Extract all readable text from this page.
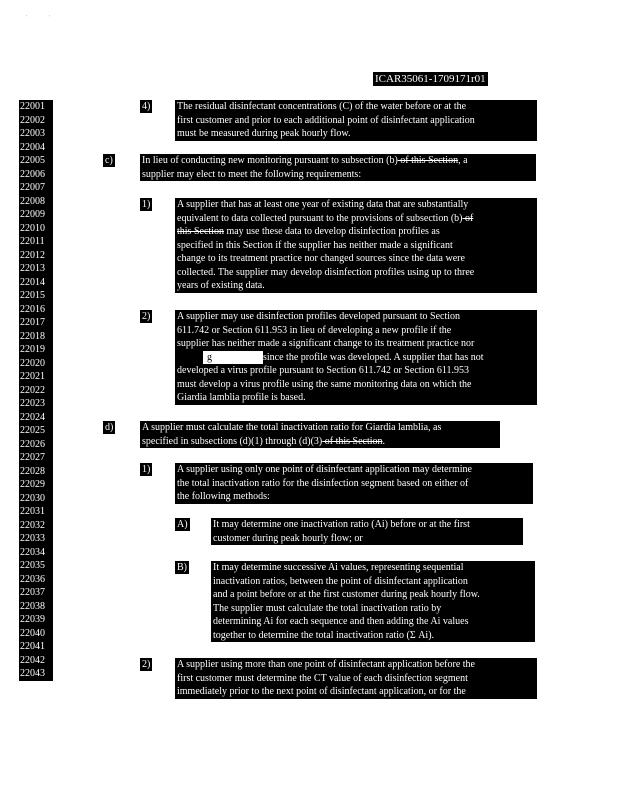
' '
ICAR35061-1709171r01
22001
22002
22003
22004
22005
22006
22007
22008
22009
22010
22011
22012
22013
22014
22015
22016
22017
22018
22019
22020
22021
22022
22023
22024
22025
22026
22027
22028
22029
22030
22031
22032
22033
22034
22035
22036
22037
22038
22039
22040
22041
22042
22043
4)	The residual disinfectant concentrations (C) of the water before or at the

first customer and prior to each additional point of disinfectant application

must be measured during peak hourly flow.

c)	In lieu of conducting new monitoring pursuant to subsection (b) of this Section, a

supplier may elect to meet the following requirements:

1)	A supplier that has at least one year of existing data that are substantially

equivalent to data collected pursuant to the provisions of subsection (b) of

this Section may use these data to develop disinfection profiles as

specified in this Section if the supplier has neither made a significant

change to its treatment practice nor changed sources since the data were

collected. The supplier may develop disinfection profiles using up to three

years of existing data.

2)	A supplier may use disinfection profiles developed pursuant to Section

611.742 or Section 611.953 in lieu of developing a new profile if the

supplier has neither made a significant change to its treatment practice nor

g	since the profile was developed. A supplier that has not

developed a virus profile pursuant to Section 611.742 or Section 611.953

must develop a virus profile using the same monitoring data on which the

Giardia lamblia profile is based.

d)	A supplier must calculate the total inactivation ratio for Giardia lamblia, as

specified in subsections (d)(1) through (d)(3) of this Section.

1)	A supplier using only one point of disinfectant application may determine

the total inactivation ratio for the disinfection segment based on either of

the following methods:

A)	It may determine one inactivation ratio (Ai) before or at the first

customer during peak hourly flow; or

B)	It may determine successive Ai values, representing sequential

inactivation ratios, between the point of disinfectant application

and a point before or at the first customer during peak hourly flow.

The supplier must calculate the total inactivation ratio by

determining Ai for each sequence and then adding the Ai values

together to determine the total inactivation ratio (Σ Ai).

2)	A supplier using more than one point of disinfectant application before the

first customer must determine the CT value of each disinfection segment

immediately prior to the next point of disinfectant application, or for the
